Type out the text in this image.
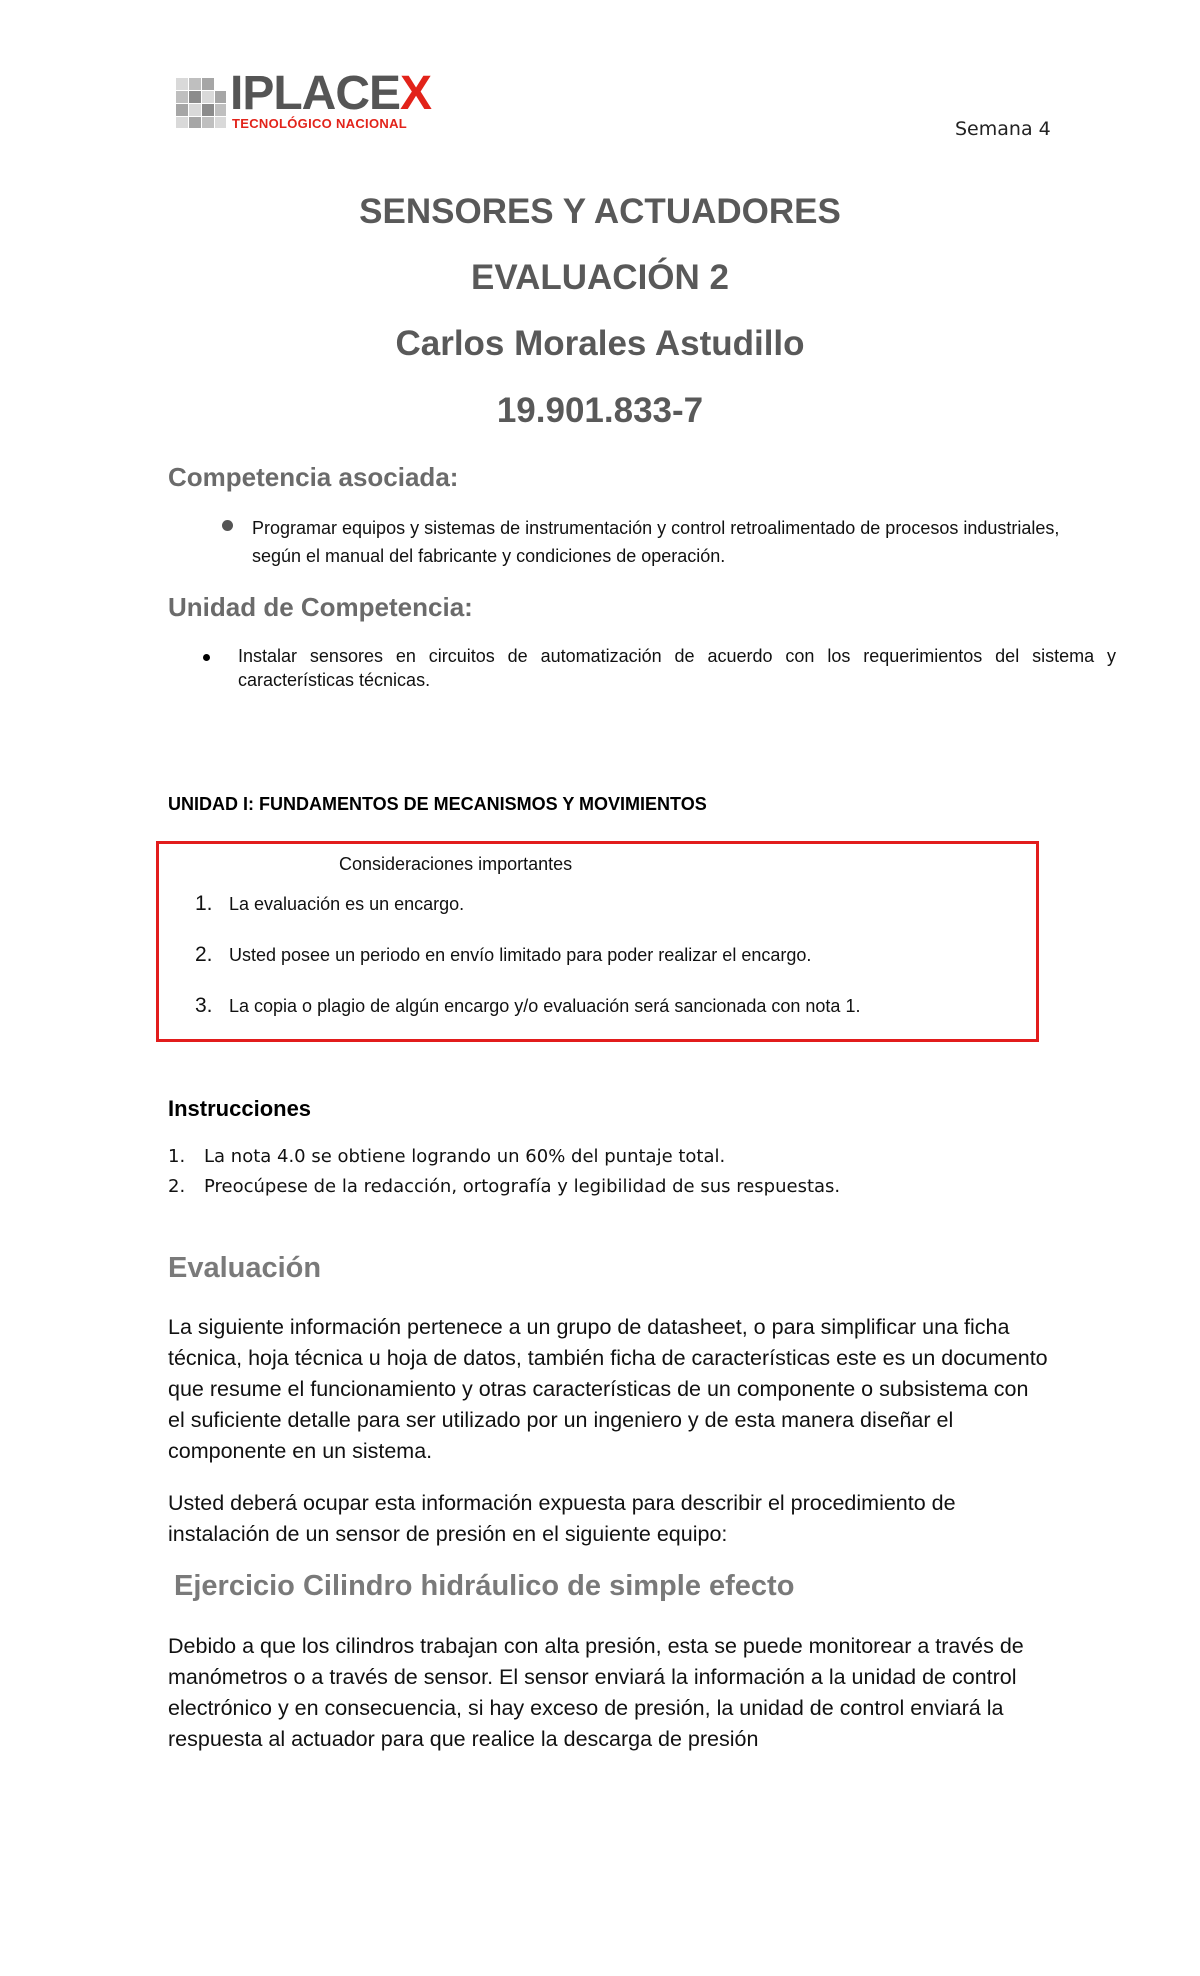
IPLACEX
TECNOLÓGICO NACIONAL	Semana 4
SENSORES Y ACTUADORES
EVALUACIÓN 2
Carlos Morales Astudillo
19.901.833-7
Competencia asociada:
Programar equipos y sistemas de instrumentación y control retroalimentado de procesos industriales, según el manual del fabricante y condiciones de operación.
Unidad de Competencia:
Instalar sensores en circuitos de automatización de acuerdo con los requerimientos del sistema y características técnicas.
UNIDAD I: FUNDAMENTOS DE MECANISMOS Y MOVIMIENTOS
Consideraciones importantes
1. La evaluación es un encargo.
2. Usted posee un periodo en envío limitado para poder realizar el encargo.
3. La copia o plagio de algún encargo y/o evaluación será sancionada con nota 1.
Instrucciones
1. La nota 4.0 se obtiene logrando un 60% del puntaje total.
2. Preocúpese de la redacción, ortografía y legibilidad de sus respuestas.
Evaluación
La siguiente información pertenece a un grupo de datasheet, o para simplificar una ficha técnica, hoja técnica u hoja de datos, también ficha de características este es un documento que resume el funcionamiento y otras características de un componente o subsistema con el suficiente detalle para ser utilizado por un ingeniero y de esta manera diseñar el componente en un sistema.
Usted deberá ocupar esta información expuesta para describir el procedimiento de instalación de un sensor de presión en el siguiente equipo:
Ejercicio Cilindro hidráulico de simple efecto
Debido a que los cilindros trabajan con alta presión, esta se puede monitorear a través de manómetros o a través de sensor. El sensor enviará la información a la unidad de control electrónico y en consecuencia, si hay exceso de presión, la unidad de control enviará la respuesta al actuador para que realice la descarga de presión
